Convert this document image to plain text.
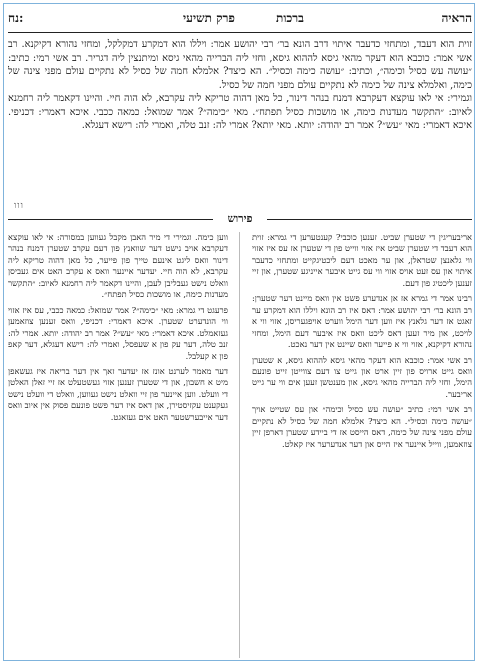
נח:	פרק תשיעי	ברכות	הראיה

זוית הוא דעבד, ומתחזי כדעבר איתוי דרב הונא בר׳ רבי יהושע אמר: ויללו הוא דמקרע דמקלקל, ומחזי נהורא דקיקנא. רב אשי אמר: כוכבא הוא דעקר מהאי גיסא לההוא גיסא, וחזי ליה הברייה מהאי גיסא ומיתנצין ליה דגריר. רב אשי רמי: כתיב: ״עושה עש כסיל וכימה״, וכתיב: ״עושה כימה וכסיל״. הא כיצד? אלמלא חמה של כסיל לא נתקיים עולם מפני צינה של כימה, ואלמלא צינה של כימה לא נתקיים עולם מפני חמה של כסיל.

וגמירי: אי לאו עוקצא דעקרבא דמנח בנהר דינור, כל מאן דהוה טריקא ליה עקרבא, לא הוה חיי. והיינו דקאמר ליה רחמנא לאיוב: ״התקשר מעדנות כימה, או מושכות כסיל תפתח״. מאי ״כימה״? אמר שמואל: כמאה ככבי. איכא דאמרי: דכניפי. איכא דאמרי: מאי ״עש״? אמר רב יהודה: יותא. מאי יותא? אמרי לה: זנב טלה, ואמרי לה: רישא דעגלא.

ווו
פירוש

אריבעריגין די שטערן שביט. זענען כוכבי? קענטערען די גמרא: זוית הוא דעבד די שטערן שביט איז אזוי ווייט פון די שטערן אז עס איז אזוי ווי גלאנצן שטראלן, און ער מאכט דעם ליכטיגקייט ומתחזי כדעבר איתוי און עס זעט אויס אזוי ווי עס גייט איבער אייניגע שטערן, און זיי זענען ליכטיג פון דעם.

רבינו אמר די גמרא אז אן אנדערע פשט אין וואס מיינט דער שטערן: רב הונא בר׳ רבי יהושע אמר: דאס איז רב הונא ויללו הוא דמקרע ער זאגט אז דער גלאנץ איז ווען דער הימל ווערט אויפגעריסן, אזוי ווי א לויכט, און מיר זעען דאס ליכט וואס איז איבער דעם הימל, ומחזי נהורא דקיקנא, אזוי ווי א פייער וואס שיינט אין דער נאכט.

רב אשי אמר: כוכבא הוא דעקר מהאי גיסא לההוא גיסא, א שטערן וואס גייט ארויס פון זיין ארט און גייט צו דעם צווייטן זייט פונעם הימל, וחזי ליה הברייה מהאי גיסא, און מענטשן זעען אים ווי ער גייט אריבער.

רב אשי רמי: כתיב ״עושה עש כסיל וכימה״ און עס שטייט אויך ״עושה כימה וכסיל״. הא כיצד? אלמלא חמה של כסיל לא נתקיים עולם מפני צינה של כימה, דאס הייסט אז די ביידע שטערן דארפן זיין צוזאמען, ווייל איינער איז הייס און דער אנדערער איז קאלט.

ווען כימה. וגמירי די מיר האבן מקבל געווען במסורה: אי לאו עוקצא דעקרבא אויב נישט דער שוואנץ פון דעם עקרב שטערן דמנח בנהר דינור וואס ליגט אינעם טייך פון פייער, כל מאן דהוה טריקא ליה עקרבא, לא הוה חיי. יעדער איינער וואס א עקרב האט אים געביסן וואלט נישט געבליבן לעבן, והיינו דקאמר ליה רחמנא לאיוב: ״התקשר מעדנות כימה, או מושכות כסיל תפתח״.

פרעגט די גמרא: מאי ״כימה״? אמר שמואל: כמאה ככבי, עס איז אזוי ווי הונדערט שטערן. איכא דאמרי: דכניפי, וואס זענען צוזאמען געזאמלט. איכא דאמרי: מאי ״עש״? אמר רב יהודה: יותא. אמרי לה: זנב טלה, דער עק פון א שעפסל, ואמרי לה: רישא דעגלא, דער קאפ פון א קעלבל.

דער מאמר לערנט אונז אז יעדער זאך אין דער בריאה איז געשאפן מיט א חשבון, און די שטערן זענען אזוי געשטעלט אז זיי זאלן האלטן די וועלט. ווען איינער פון זיי וואלט נישט געווען, וואלט די וועלט נישט געקענט עקזיסטירן, און דאס איז דער פשט פונעם פסוק אין איוב וואס דער אייבערשטער האט אים געזאגט.
